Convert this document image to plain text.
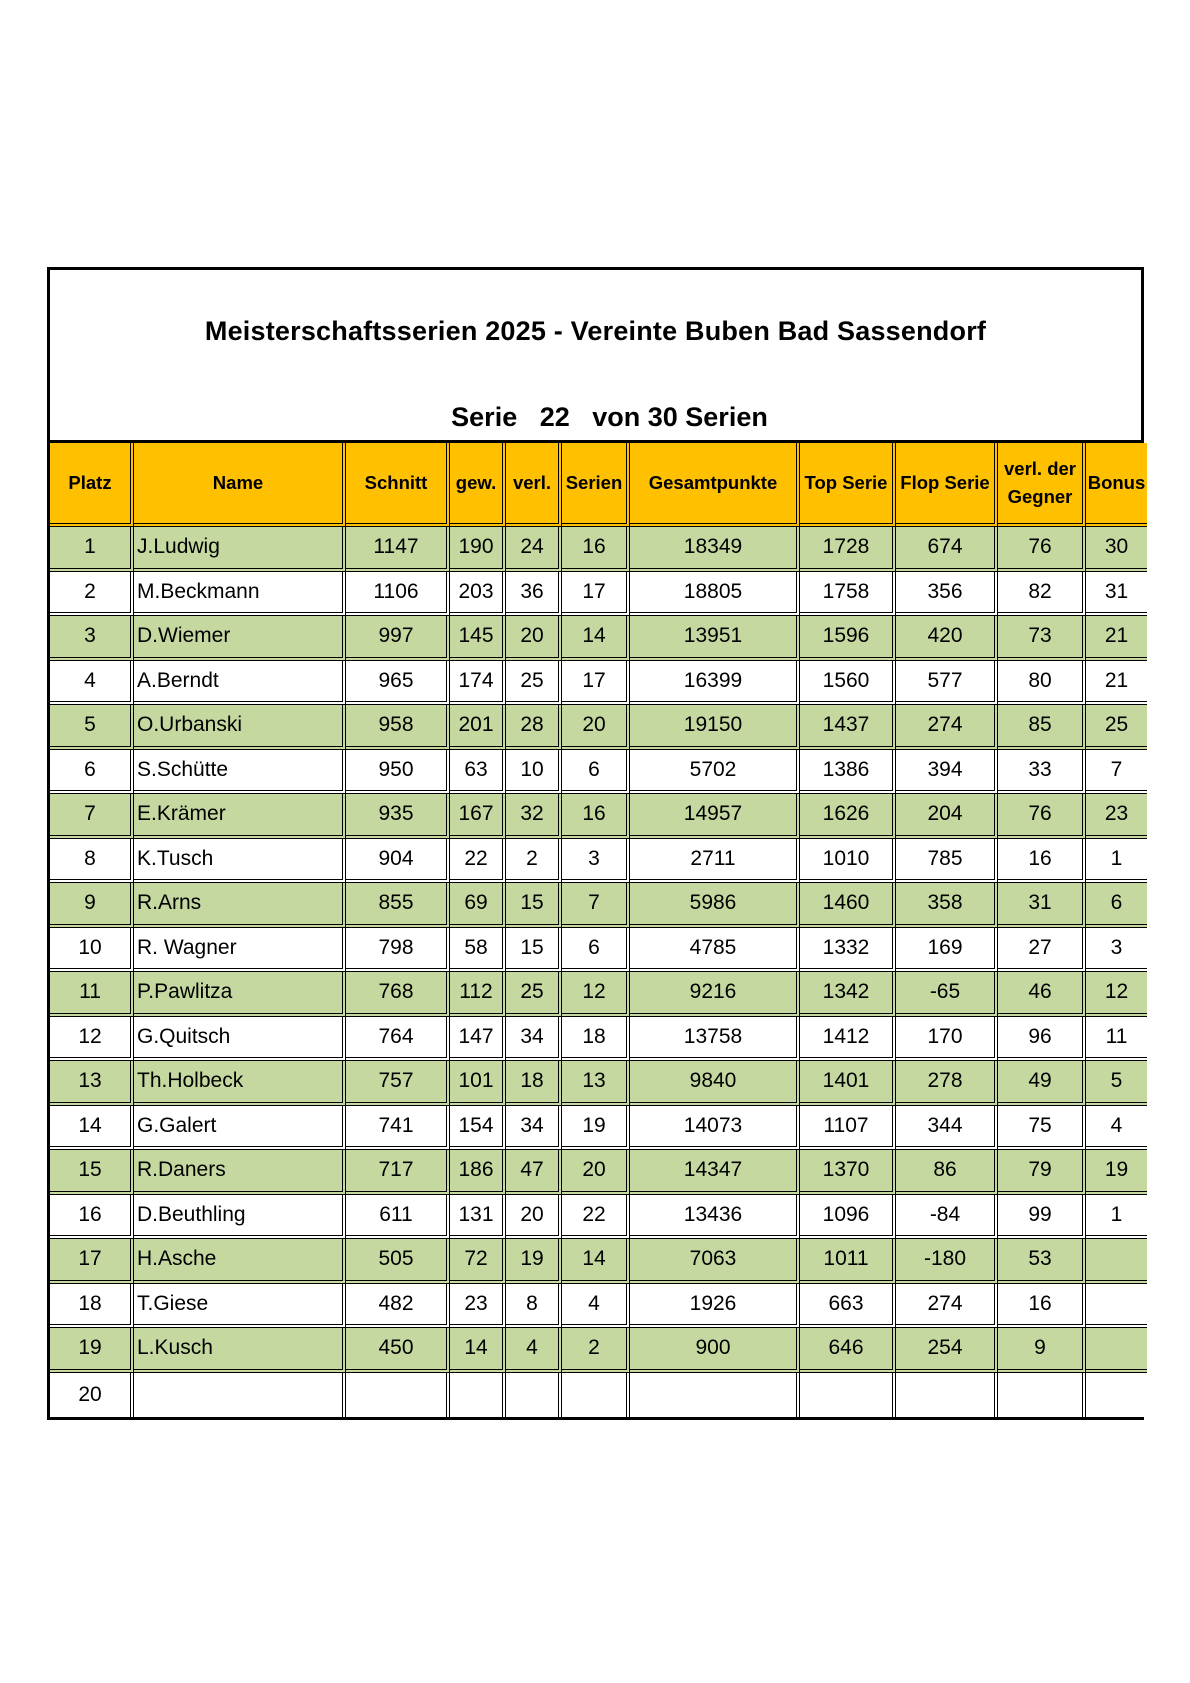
Meisterschaftsserien 2025 - Vereinte Buben Bad Sassendorf
Serie   22   von 30 Serien
Platz	Name	Schnitt	gew.	verl.	Serien	Gesamtpunkte	Top Serie	Flop Serie	verl. der Gegner	Bonus
1	J.Ludwig	1147	190	24	16	18349	1728	674	76	30
2	M.Beckmann	1106	203	36	17	18805	1758	356	82	31
3	D.Wiemer	997	145	20	14	13951	1596	420	73	21
4	A.Berndt	965	174	25	17	16399	1560	577	80	21
5	O.Urbanski	958	201	28	20	19150	1437	274	85	25
6	S.Schütte	950	63	10	6	5702	1386	394	33	7
7	E.Krämer	935	167	32	16	14957	1626	204	76	23
8	K.Tusch	904	22	2	3	2711	1010	785	16	1
9	R.Arns	855	69	15	7	5986	1460	358	31	6
10	R. Wagner	798	58	15	6	4785	1332	169	27	3
11	P.Pawlitza	768	112	25	12	9216	1342	-65	46	12
12	G.Quitsch	764	147	34	18	13758	1412	170	96	11
13	Th.Holbeck	757	101	18	13	9840	1401	278	49	5
14	G.Galert	741	154	34	19	14073	1107	344	75	4
15	R.Daners	717	186	47	20	14347	1370	86	79	19
16	D.Beuthling	611	131	20	22	13436	1096	-84	99	1
17	H.Asche	505	72	19	14	7063	1011	-180	53	
18	T.Giese	482	23	8	4	1926	663	274	16	
19	L.Kusch	450	14	4	2	900	646	254	9	
20										
